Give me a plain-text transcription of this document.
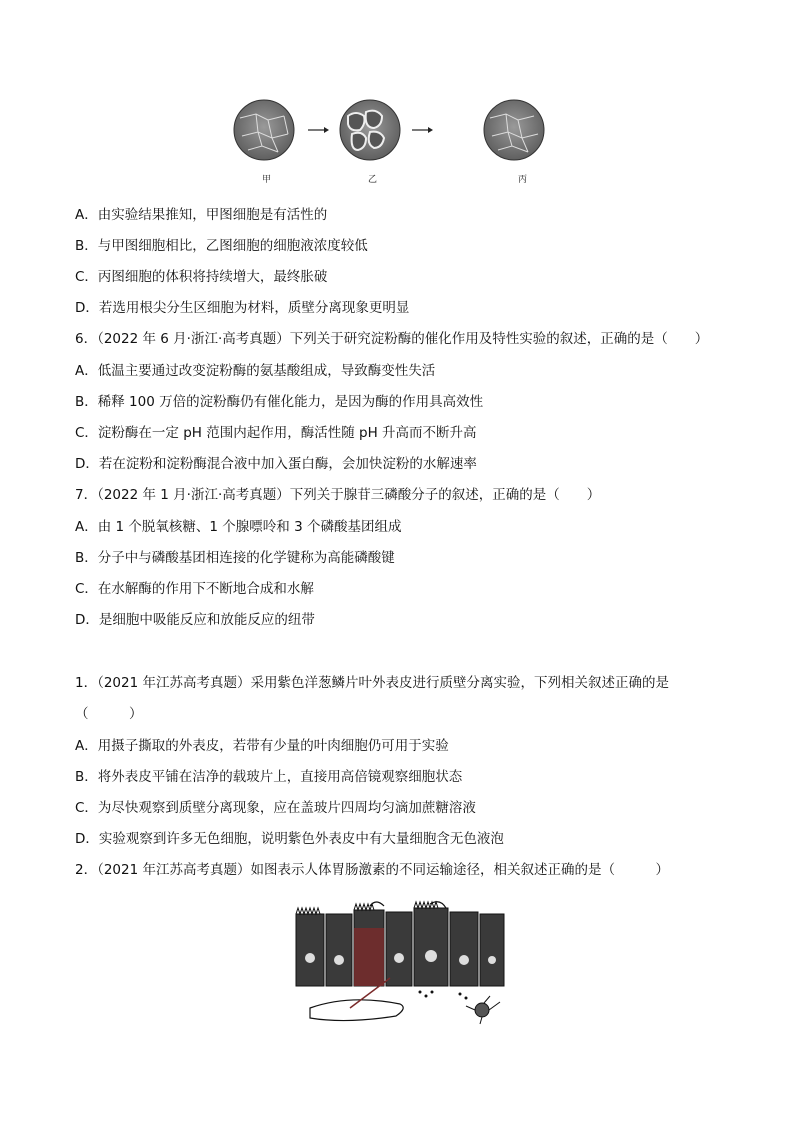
甲	乙	丙
A．由实验结果推知，甲图细胞是有活性的
B．与甲图细胞相比，乙图细胞的细胞液浓度较低
C．丙图细胞的体积将持续增大，最终胀破
D．若选用根尖分生区细胞为材料，质壁分离现象更明显
6．（2022 年 6 月·浙江·高考真题）下列关于研究淀粉酶的催化作用及特性实验的叙述，正确的是（　　）
A．低温主要通过改变淀粉酶的氨基酸组成，导致酶变性失活
B．稀释 100 万倍的淀粉酶仍有催化能力，是因为酶的作用具高效性
C．淀粉酶在一定 pH 范围内起作用，酶活性随 pH 升高而不断升高
D．若在淀粉和淀粉酶混合液中加入蛋白酶，会加快淀粉的水解速率
7．（2022 年 1 月·浙江·高考真题）下列关于腺苷三磷酸分子的叙述，正确的是（　　）
A．由 1 个脱氧核糖、1 个腺嘌呤和 3 个磷酸基团组成
B．分子中与磷酸基团相连接的化学键称为高能磷酸键
C．在水解酶的作用下不断地合成和水解
D．是细胞中吸能反应和放能反应的纽带
1．（2021 年江苏高考真题）采用紫色洋葱鳞片叶外表皮进行质壁分离实验，下列相关叙述正确的是
（　　　）
A．用摄子撕取的外表皮，若带有少量的叶肉细胞仍可用于实验
B．将外表皮平铺在洁净的载玻片上，直接用高倍镜观察细胞状态
C．为尽快观察到质壁分离现象，应在盖玻片四周均匀滴加蔗糖溶液
D．实验观察到许多无色细胞，说明紫色外表皮中有大量细胞含无色液泡
2．（2021 年江苏高考真题）如图表示人体胃肠激素的不同运输途径，相关叙述正确的是（　　　）
